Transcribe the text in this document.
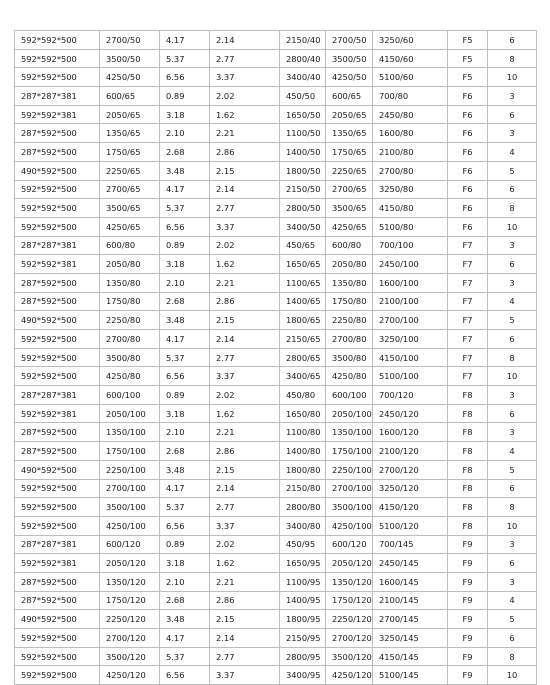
592*592*500	2700/50	4.17	2.14	2150/40	2700/50	3250/60	F5	6
592*592*500	3500/50	5.37	2.77	2800/40	3500/50	4150/60	F5	8
592*592*500	4250/50	6.56	3.37	3400/40	4250/50	5100/60	F5	10
287*287*381	600/65	0.89	2.02	450/50	600/65	700/80	F6	3
592*592*381	2050/65	3.18	1.62	1650/50	2050/65	2450/80	F6	6
287*592*500	1350/65	2.10	2.21	1100/50	1350/65	1600/80	F6	3
287*592*500	1750/65	2.68	2.86	1400/50	1750/65	2100/80	F6	4
490*592*500	2250/65	3.48	2.15	1800/50	2250/65	2700/80	F6	5
592*592*500	2700/65	4.17	2.14	2150/50	2700/65	3250/80	F6	6
592*592*500	3500/65	5.37	2.77	2800/50	3500/65	4150/80	F6	8
592*592*500	4250/65	6.56	3.37	3400/50	4250/65	5100/80	F6	10
287*287*381	600/80	0.89	2.02	450/65	600/80	700/100	F7	3
592*592*381	2050/80	3.18	1.62	1650/65	2050/80	2450/100	F7	6
287*592*500	1350/80	2.10	2.21	1100/65	1350/80	1600/100	F7	3
287*592*500	1750/80	2.68	2.86	1400/65	1750/80	2100/100	F7	4
490*592*500	2250/80	3.48	2.15	1800/65	2250/80	2700/100	F7	5
592*592*500	2700/80	4.17	2.14	2150/65	2700/80	3250/100	F7	6
592*592*500	3500/80	5.37	2.77	2800/65	3500/80	4150/100	F7	8
592*592*500	4250/80	6.56	3.37	3400/65	4250/80	5100/100	F7	10
287*287*381	600/100	0.89	2.02	450/80	600/100	700/120	F8	3
592*592*381	2050/100	3.18	1.62	1650/80	2050/100	2450/120	F8	6
287*592*500	1350/100	2.10	2.21	1100/80	1350/100	1600/120	F8	3
287*592*500	1750/100	2.68	2.86	1400/80	1750/100	2100/120	F8	4
490*592*500	2250/100	3.48	2.15	1800/80	2250/100	2700/120	F8	5
592*592*500	2700/100	4.17	2.14	2150/80	2700/100	3250/120	F8	6
592*592*500	3500/100	5.37	2.77	2800/80	3500/100	4150/120	F8	8
592*592*500	4250/100	6.56	3.37	3400/80	4250/100	5100/120	F8	10
287*287*381	600/120	0.89	2.02	450/95	600/120	700/145	F9	3
592*592*381	2050/120	3.18	1.62	1650/95	2050/120	2450/145	F9	6
287*592*500	1350/120	2.10	2.21	1100/95	1350/120	1600/145	F9	3
287*592*500	1750/120	2.68	2.86	1400/95	1750/120	2100/145	F9	4
490*592*500	2250/120	3.48	2.15	1800/95	2250/120	2700/145	F9	5
592*592*500	2700/120	4.17	2.14	2150/95	2700/120	3250/145	F9	6
592*592*500	3500/120	5.37	2.77	2800/95	3500/120	4150/145	F9	8
592*592*500	4250/120	6.56	3.37	3400/95	4250/120	5100/145	F9	10
